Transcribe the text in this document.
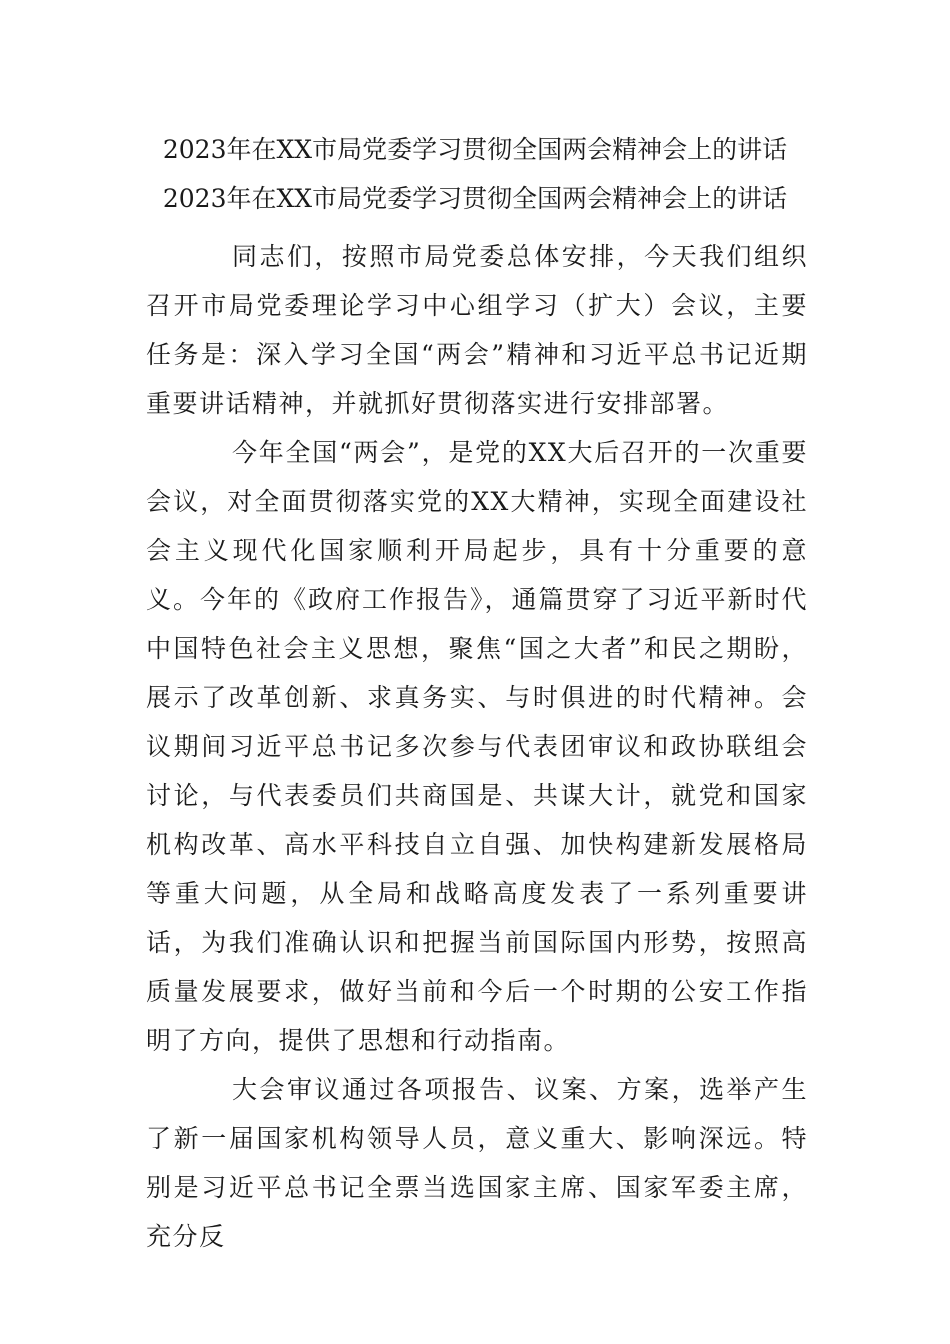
2023年在XX市局党委学习贯彻全国两会精神会上的讲话
2023年在XX市局党委学习贯彻全国两会精神会上的讲话

同志们，按照市局党委总体安排，今天我们组织召开市局党委理论学习中心组学习（扩大）会议，主要任务是：深入学习全国“两会”精神和习近平总书记近期重要讲话精神，并就抓好贯彻落实进行安排部署。

今年全国“两会”，是党的XX大后召开的一次重要会议，对全面贯彻落实党的XX大精神，实现全面建设社会主义现代化国家顺利开局起步，具有十分重要的意义。今年的《政府工作报告》，通篇贯穿了习近平新时代中国特色社会主义思想，聚焦“国之大者”和民之期盼，展示了改革创新、求真务实、与时俱进的时代精神。会议期间习近平总书记多次参与代表团审议和政协联组会讨论，与代表委员们共商国是、共谋大计，就党和国家机构改革、高水平科技自立自强、加快构建新发展格局等重大问题，从全局和战略高度发表了一系列重要讲话，为我们准确认识和把握当前国际国内形势，按照高质量发展要求，做好当前和今后一个时期的公安工作指明了方向，提供了思想和行动指南。

大会审议通过各项报告、议案、方案，选举产生了新一届国家机构领导人员，意义重大、影响深远。特别是习近平总书记全票当选国家主席、国家军委主席，充分反
